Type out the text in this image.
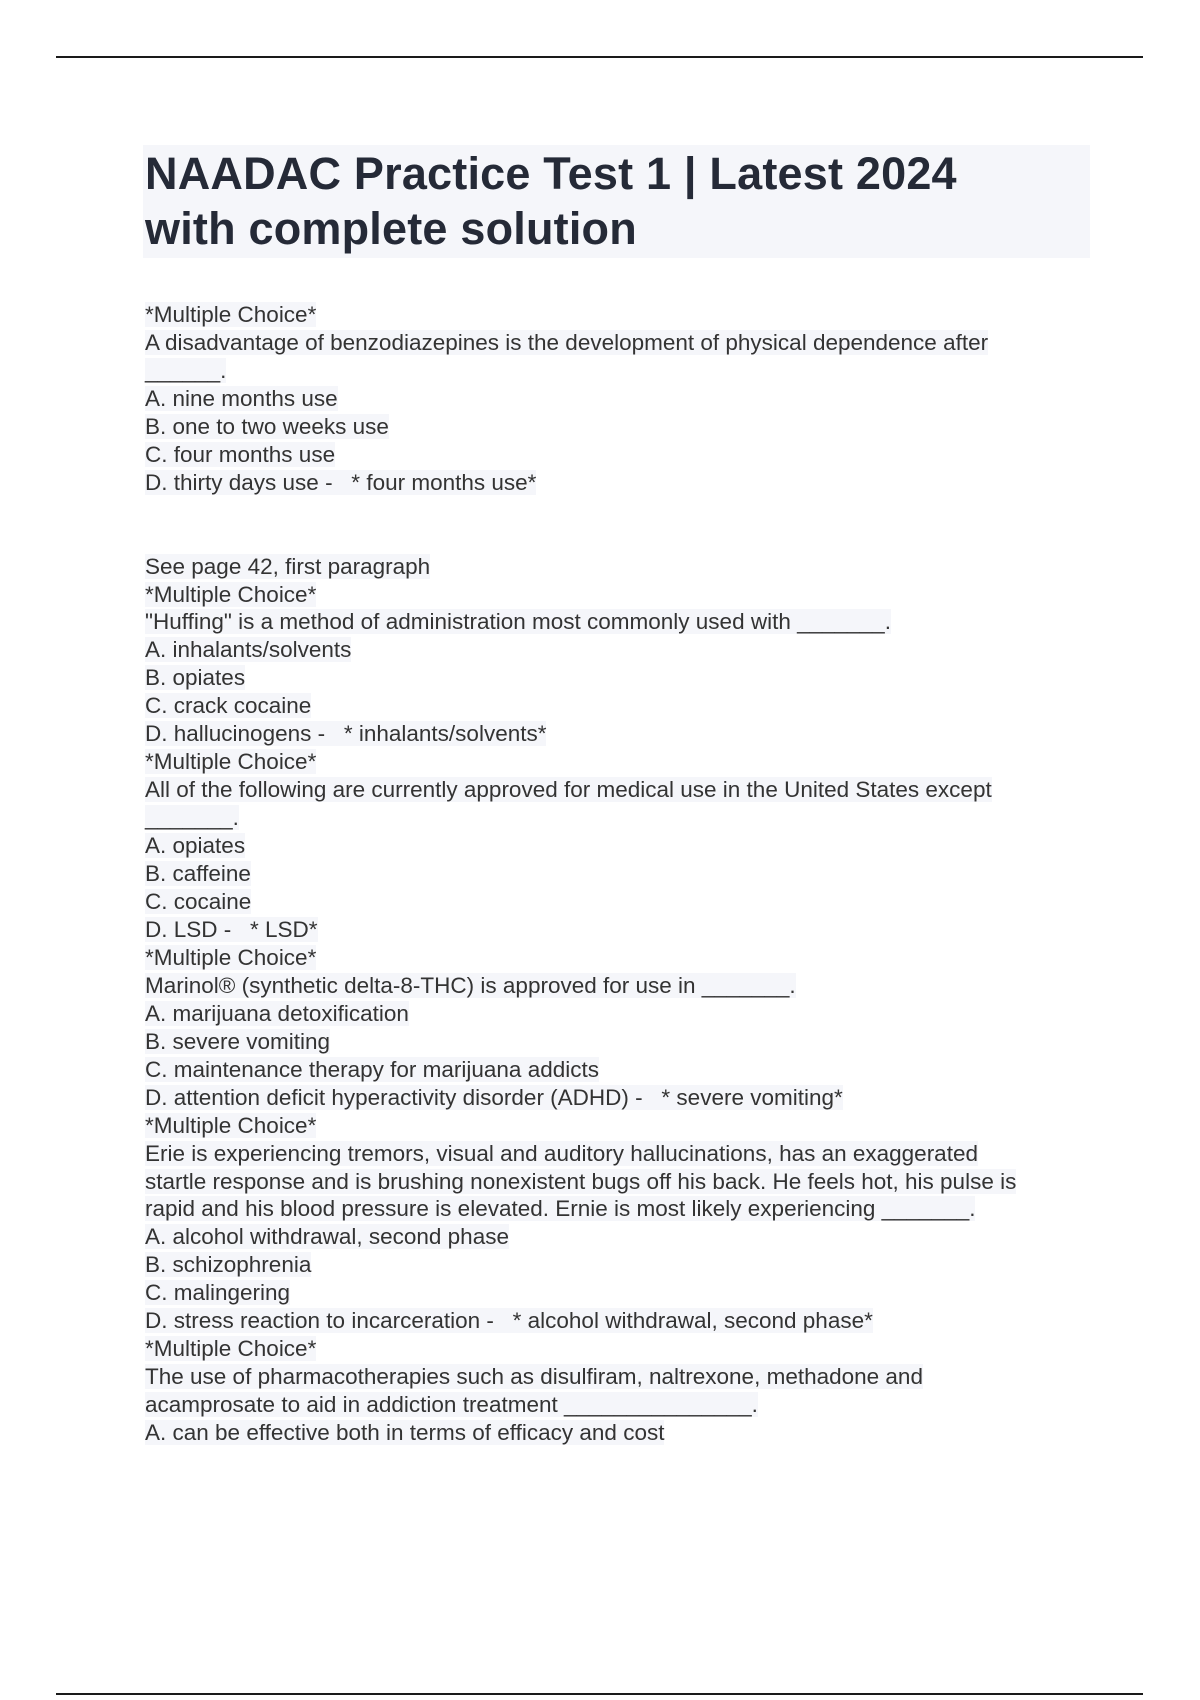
NAADAC Practice Test 1 | Latest 2024
with complete solution
*Multiple Choice*
A disadvantage of benzodiazepines is the development of physical dependence after
______.
A. nine months use
B. one to two weeks use
C. four months use
D. thirty days use -   * four months use*
See page 42, first paragraph
*Multiple Choice*
"Huffing" is a method of administration most commonly used with _______.
A. inhalants/solvents
B. opiates
C. crack cocaine
D. hallucinogens -   * inhalants/solvents*
*Multiple Choice*
All of the following are currently approved for medical use in the United States except
_______.
A. opiates
B. caffeine
C. cocaine
D. LSD -   * LSD*
*Multiple Choice*
Marinol® (synthetic delta-8-THC) is approved for use in _______.
A. marijuana detoxification
B. severe vomiting
C. maintenance therapy for marijuana addicts
D. attention deficit hyperactivity disorder (ADHD) -   * severe vomiting*
*Multiple Choice*
Erie is experiencing tremors, visual and auditory hallucinations, has an exaggerated
startle response and is brushing nonexistent bugs off his back. He feels hot, his pulse is
rapid and his blood pressure is elevated. Ernie is most likely experiencing _______.
A. alcohol withdrawal, second phase
B. schizophrenia
C. malingering
D. stress reaction to incarceration -   * alcohol withdrawal, second phase*
*Multiple Choice*
The use of pharmacotherapies such as disulfiram, naltrexone, methadone and
acamprosate to aid in addiction treatment _______________.
A. can be effective both in terms of efficacy and cost
